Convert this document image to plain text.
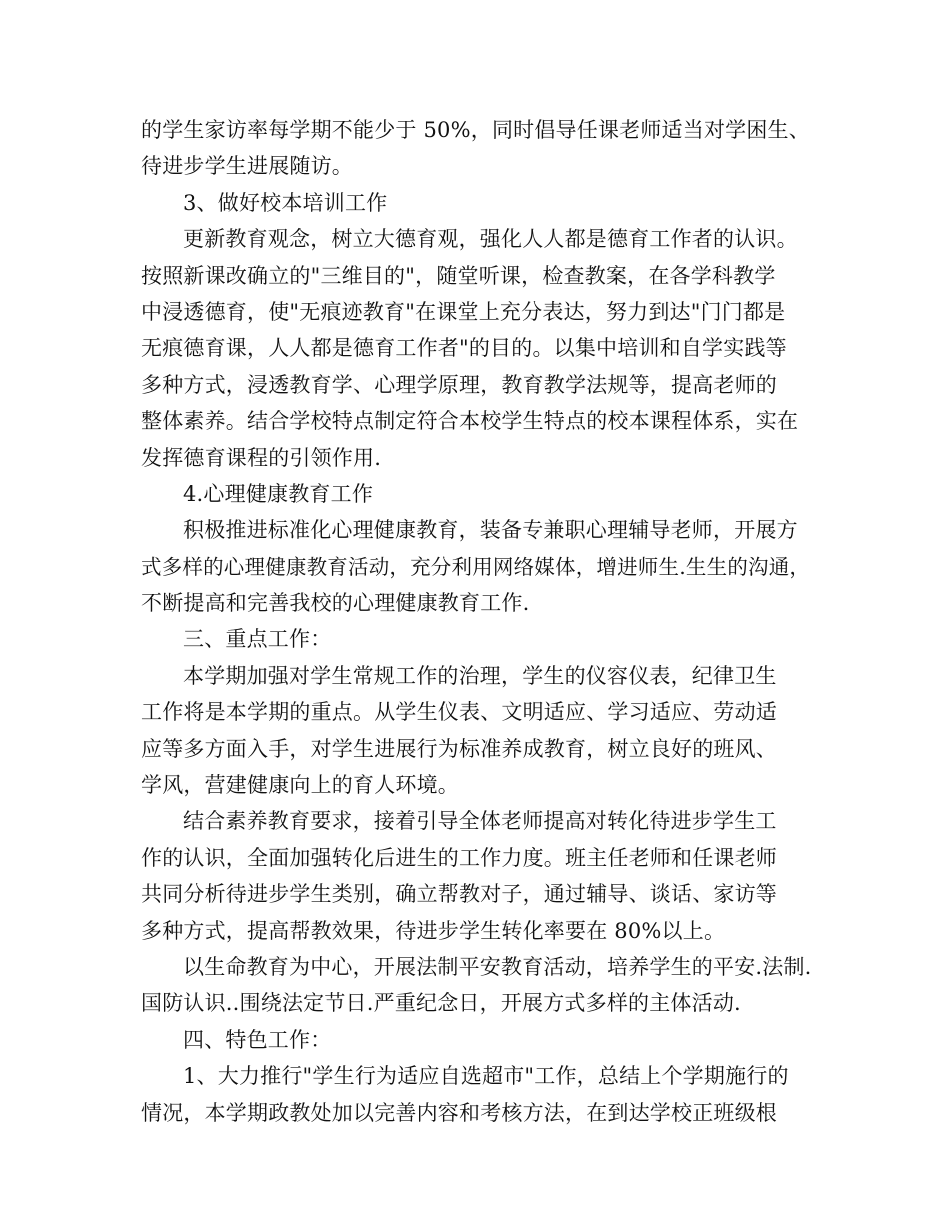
的学生家访率每学期不能少于 50%，同时倡导任课老师适当对学困生、
待进步学生进展随访。
3、做好校本培训工作
更新教育观念，树立大德育观，强化人人都是德育工作者的认识。
按照新课改确立的"三维目的"，随堂听课，检查教案，在各学科教学
中浸透德育，使"无痕迹教育"在课堂上充分表达，努力到达"门门都是
无痕德育课，人人都是德育工作者"的目的。以集中培训和自学实践等
多种方式，浸透教育学、心理学原理，教育教学法规等，提高老师的
整体素养。结合学校特点制定符合本校学生特点的校本课程体系，实在
发挥德育课程的引领作用.
4.心理健康教育工作
积极推进标准化心理健康教育，装备专兼职心理辅导老师，开展方
式多样的心理健康教育活动，充分利用网络媒体，增进师生.生生的沟通，
不断提高和完善我校的心理健康教育工作.
三、重点工作：
本学期加强对学生常规工作的治理，学生的仪容仪表，纪律卫生
工作将是本学期的重点。从学生仪表、文明适应、学习适应、劳动适
应等多方面入手，对学生进展行为标准养成教育，树立良好的班风、
学风，营建健康向上的育人环境。
结合素养教育要求，接着引导全体老师提高对转化待进步学生工
作的认识，全面加强转化后进生的工作力度。班主任老师和任课老师
共同分析待进步学生类别，确立帮教对子，通过辅导、谈话、家访等
多种方式，提高帮教效果，待进步学生转化率要在 80%以上。
以生命教育为中心，开展法制平安教育活动，培养学生的平安.法制.
国防认识..围绕法定节日.严重纪念日，开展方式多样的主体活动.
四、特色工作：
1、大力推行"学生行为适应自选超市"工作，总结上个学期施行的
情况，本学期政教处加以完善内容和考核方法，在到达学校正班级根
